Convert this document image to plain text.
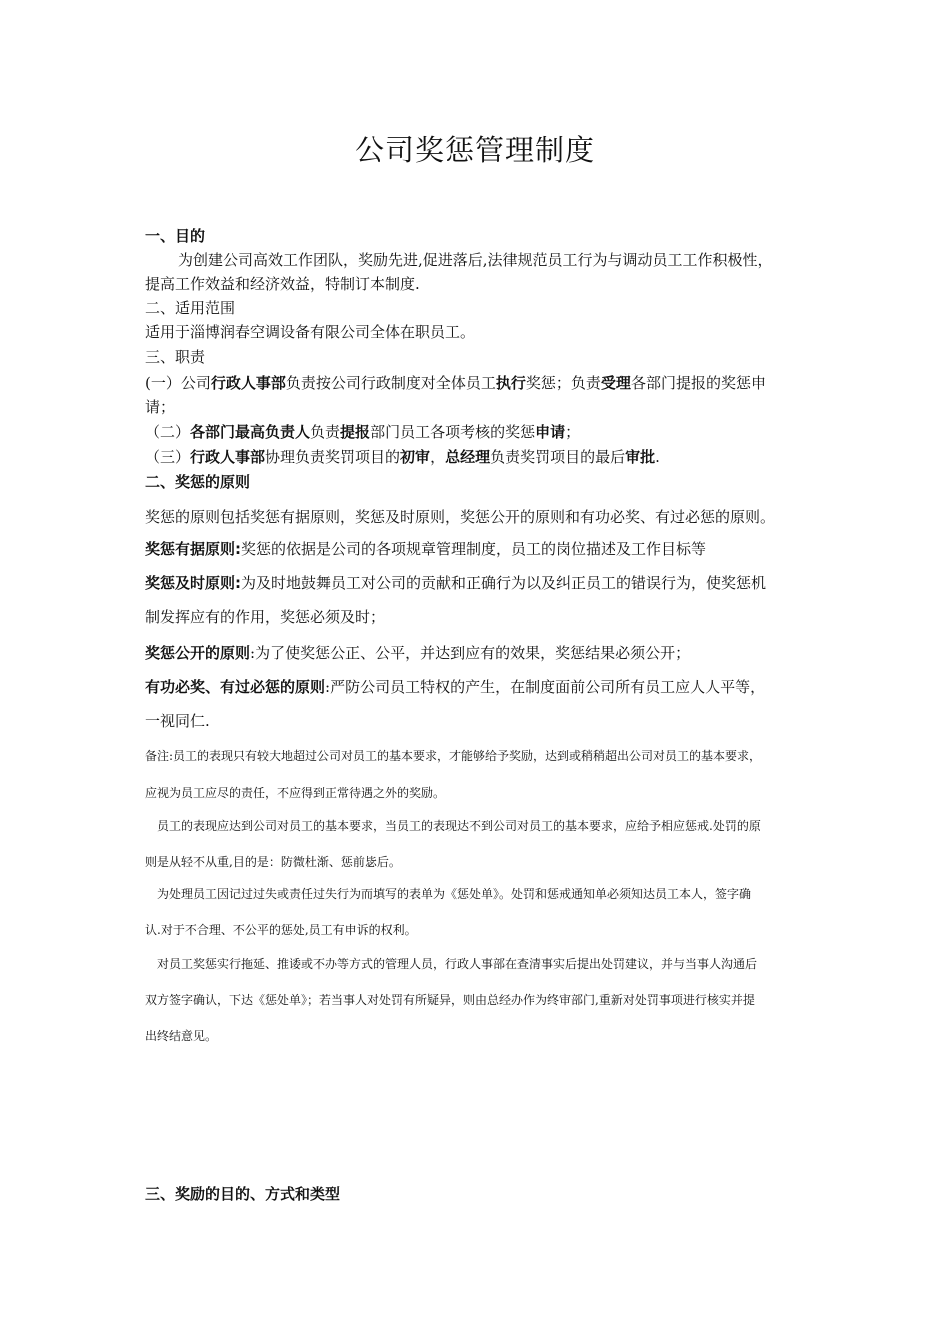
公司奖惩管理制度
一、目的
为创建公司高效工作团队，奖励先进,促进落后,法律规范员工行为与调动员工工作积极性，
提高工作效益和经济效益，特制订本制度.
二、适用范围
适用于淄博润春空调设备有限公司全体在职员工。
三、职责
(一）公司行政人事部负责按公司行政制度对全体员工执行奖惩；负责受理各部门提报的奖惩申
请；
（二）各部门最高负责人负责提报部门员工各项考核的奖惩申请；
（三）行政人事部协理负责奖罚项目的初审，总经理负责奖罚项目的最后审批.
二、奖惩的原则
奖惩的原则包括奖惩有据原则，奖惩及时原则，奖惩公开的原则和有功必奖、有过必惩的原则。
奖惩有据原则:奖惩的依据是公司的各项规章管理制度，员工的岗位描述及工作目标等
奖惩及时原则:为及时地鼓舞员工对公司的贡献和正确行为以及纠正员工的错误行为，使奖惩机
制发挥应有的作用，奖惩必须及时；
奖惩公开的原则:为了使奖惩公正、公平，并达到应有的效果，奖惩结果必须公开；
有功必奖、有过必惩的原则:严防公司员工特权的产生，在制度面前公司所有员工应人人平等，
一视同仁.
备注:员工的表现只有较大地超过公司对员工的基本要求，才能够给予奖励，达到或稍稍超出公司对员工的基本要求，
应视为员工应尽的责任，不应得到正常待遇之外的奖励。
员工的表现应达到公司对员工的基本要求，当员工的表现达不到公司对员工的基本要求，应给予相应惩戒.处罚的原
则是从轻不从重,目的是：防微杜渐、惩前毖后。
为处理员工因记过过失或责任过失行为而填写的表单为《惩处单》。处罚和惩戒通知单必须知达员工本人，签字确
认.对于不合理、不公平的惩处,员工有申诉的权利。
对员工奖惩实行拖延、推诿或不办等方式的管理人员，行政人事部在查清事实后提出处罚建议，并与当事人沟通后
双方签字确认，下达《惩处单》；若当事人对处罚有所疑异，则由总经办作为终审部门,重新对处罚事项进行核实并提
出终结意见。
三、奖励的目的、方式和类型
